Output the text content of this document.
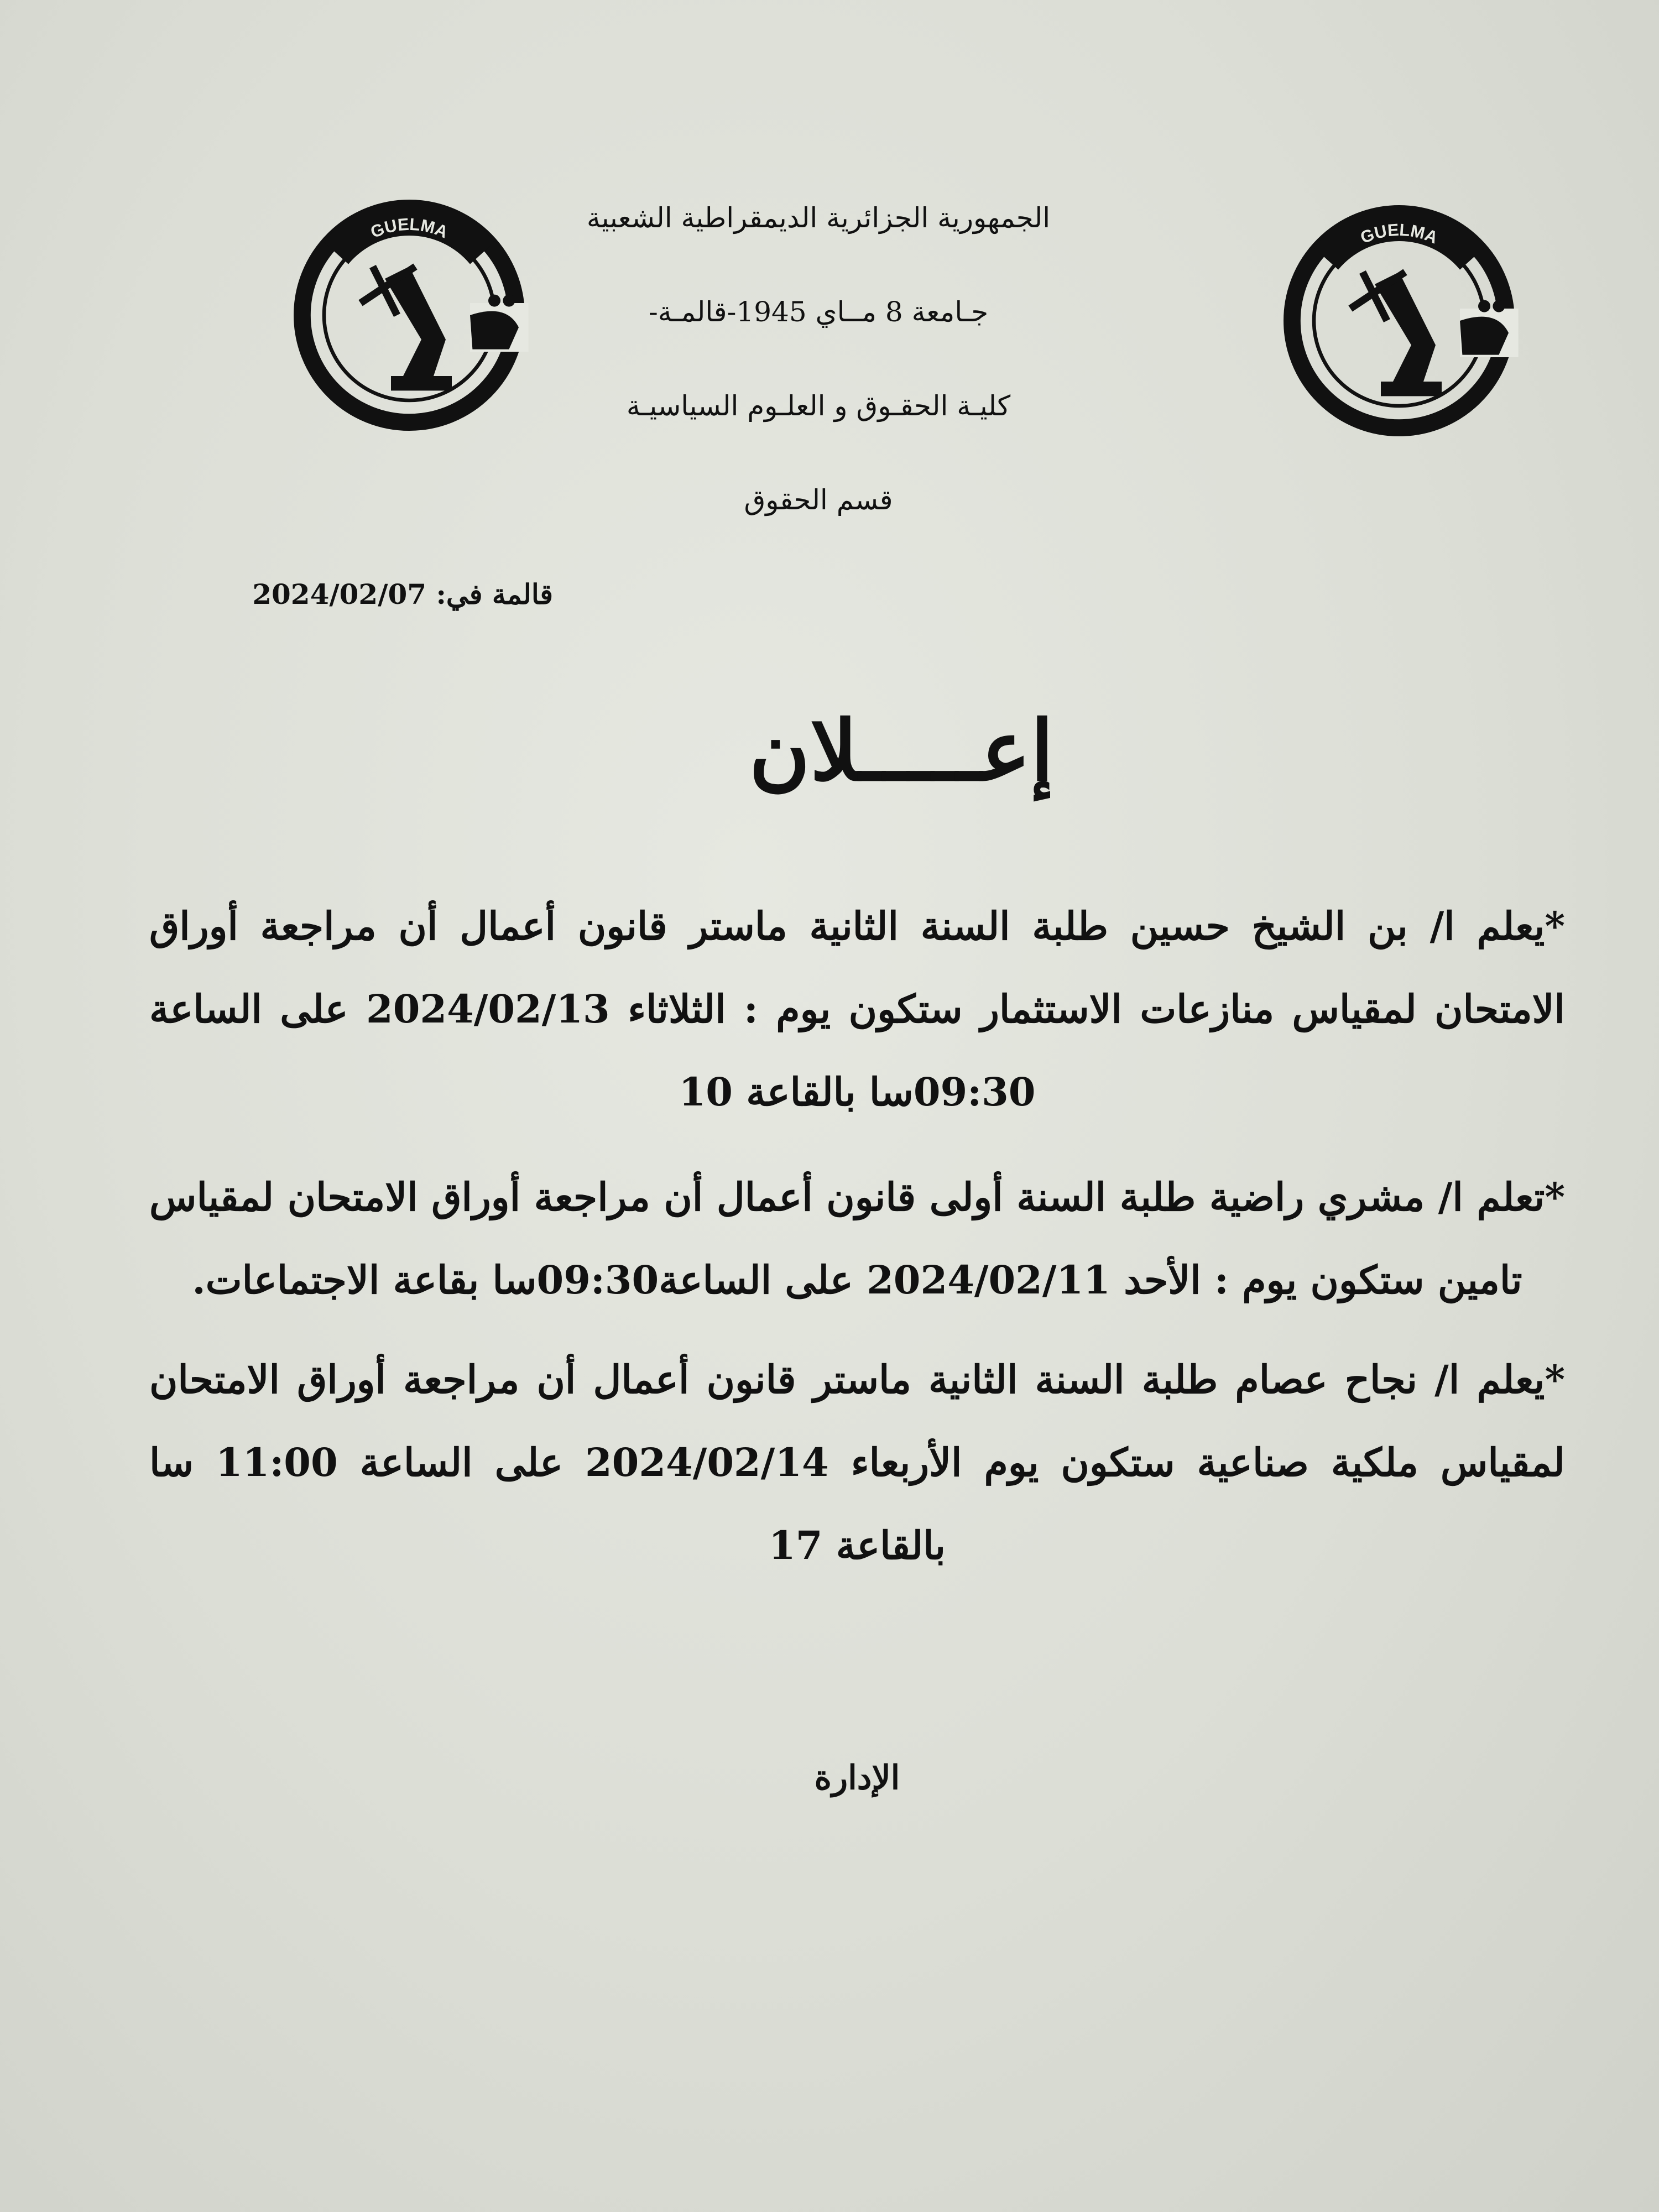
GUELMA
GUELMA	الجمهورية الجزائرية الديمقراطية الشعبية
جـامعة 8 مــاي 1945-قالمـة-
كليـة الحقـوق و العلـوم السياسيـة
قسم الحقوق
قالمة في: 2024/02/07
إعـــــلان
*يعلم ا/ بن الشيخ حسين طلبة السنة الثانية ماستر قانون أعمال أن مراجعة أوراق الامتحان لمقياس منازعات الاستثمار ستكون يوم : الثلاثاء 2024/02/13 على الساعة 09:30سا بالقاعة 10
*تعلم ا/ مشري راضية طلبة السنة أولى قانون أعمال أن مراجعة أوراق الامتحان لمقياس تامين ستكون يوم : الأحد 2024/02/11 على الساعة09:30سا بقاعة الاجتماعات.
*يعلم ا/ نجاح عصام طلبة السنة الثانية ماستر قانون أعمال أن مراجعة أوراق الامتحان لمقياس ملكية صناعية ستكون يوم الأربعاء 2024/02/14 على الساعة 11:00 سا بالقاعة 17
الإدارة
